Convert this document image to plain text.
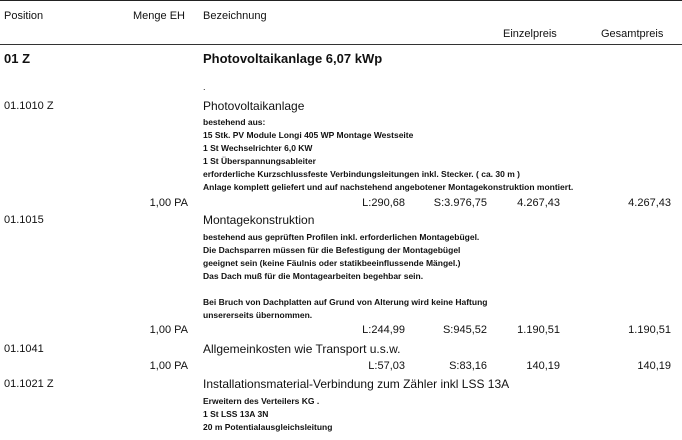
Position	Menge EH Bezeichnung
Einzelpreis	Gesamtpreis
01 Z	Photovoltaikanlage 6,07 kWp
.
01.1010 Z	Photovoltaikanlage
bestehend aus:
15 Stk. PV Module Longi 405 WP Montage Westseite
1 St Wechselrichter 6,0 KW
1 St Überspannungsableiter
erforderliche Kurzschlussfeste Verbindungsleitungen inkl. Stecker. ( ca. 30 m )
Anlage komplett geliefert und auf nachstehend angebotener Montagekonstruktion montiert.
1,00 PA	L:290,68	S:3.976,75	4.267,43	4.267,43
01.1015	Montagekonstruktion
bestehend aus geprüften Profilen inkl. erforderlichen Montagebügel.
Die Dachsparren müssen für die Befestigung der Montagebügel
geeignet sein (keine Fäulnis oder statikbeeinflussende Mängel.)
Das Dach muß für die Montagearbeiten begehbar sein.
Bei Bruch von Dachplatten auf Grund von Alterung wird keine Haftung
unsererseits übernommen.
1,00 PA	L:244,99	S:945,52	1.190,51	1.190,51
01.1041	Allgemeinkosten wie Transport u.s.w.
1,00 PA	L:57,03	S:83,16	140,19	140,19
01.1021 Z	Installationsmaterial-Verbindung zum Zähler inkl LSS 13A
Erweitern des Verteilers KG .
1 St LSS 13A 3N
20 m Potentialausgleichsleitung
